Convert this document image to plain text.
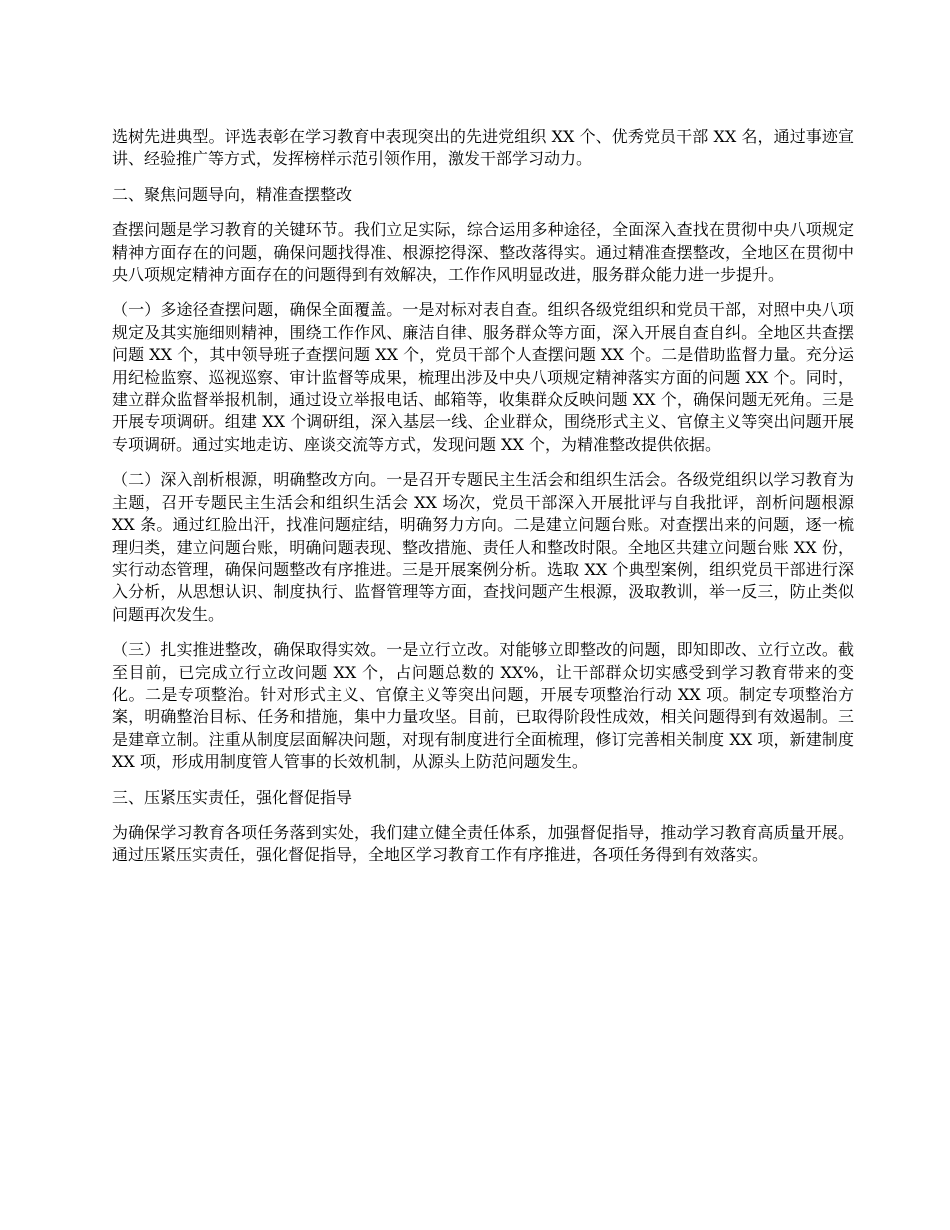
选树先进典型。评选表彰在学习教育中表现突出的先进党组织 XX 个、优秀党员干部 XX 名，通过事迹宣讲、经验推广等方式，发挥榜样示范引领作用，激发干部学习动力。

二、聚焦问题导向，精准查摆整改

查摆问题是学习教育的关键环节。我们立足实际，综合运用多种途径，全面深入查找在贯彻中央八项规定精神方面存在的问题，确保问题找得准、根源挖得深、整改落得实。通过精准查摆整改，全地区在贯彻中央八项规定精神方面存在的问题得到有效解决，工作作风明显改进，服务群众能力进一步提升。

（一）多途径查摆问题，确保全面覆盖。一是对标对表自查。组织各级党组织和党员干部，对照中央八项规定及其实施细则精神，围绕工作作风、廉洁自律、服务群众等方面，深入开展自查自纠。全地区共查摆问题 XX 个，其中领导班子查摆问题 XX 个，党员干部个人查摆问题 XX 个。二是借助监督力量。充分运用纪检监察、巡视巡察、审计监督等成果，梳理出涉及中央八项规定精神落实方面的问题 XX 个。同时，建立群众监督举报机制，通过设立举报电话、邮箱等，收集群众反映问题 XX 个，确保问题无死角。三是开展专项调研。组建 XX 个调研组，深入基层一线、企业群众，围绕形式主义、官僚主义等突出问题开展专项调研。通过实地走访、座谈交流等方式，发现问题 XX 个，为精准整改提供依据。

（二）深入剖析根源，明确整改方向。一是召开专题民主生活会和组织生活会。各级党组织以学习教育为主题，召开专题民主生活会和组织生活会 XX 场次，党员干部深入开展批评与自我批评，剖析问题根源 XX 条。通过红脸出汗，找准问题症结，明确努力方向。二是建立问题台账。对查摆出来的问题，逐一梳理归类，建立问题台账，明确问题表现、整改措施、责任人和整改时限。全地区共建立问题台账 XX 份，实行动态管理，确保问题整改有序推进。三是开展案例分析。选取 XX 个典型案例，组织党员干部进行深入分析，从思想认识、制度执行、监督管理等方面，查找问题产生根源，汲取教训，举一反三，防止类似问题再次发生。

（三）扎实推进整改，确保取得实效。一是立行立改。对能够立即整改的问题，即知即改、立行立改。截至目前，已完成立行立改问题 XX 个，占问题总数的 XX%，让干部群众切实感受到学习教育带来的变化。二是专项整治。针对形式主义、官僚主义等突出问题，开展专项整治行动 XX 项。制定专项整治方案，明确整治目标、任务和措施，集中力量攻坚。目前，已取得阶段性成效，相关问题得到有效遏制。三是建章立制。注重从制度层面解决问题，对现有制度进行全面梳理，修订完善相关制度 XX 项，新建制度 XX 项，形成用制度管人管事的长效机制，从源头上防范问题发生。

三、压紧压实责任，强化督促指导

为确保学习教育各项任务落到实处，我们建立健全责任体系，加强督促指导，推动学习教育高质量开展。通过压紧压实责任，强化督促指导，全地区学习教育工作有序推进，各项任务得到有效落实。
